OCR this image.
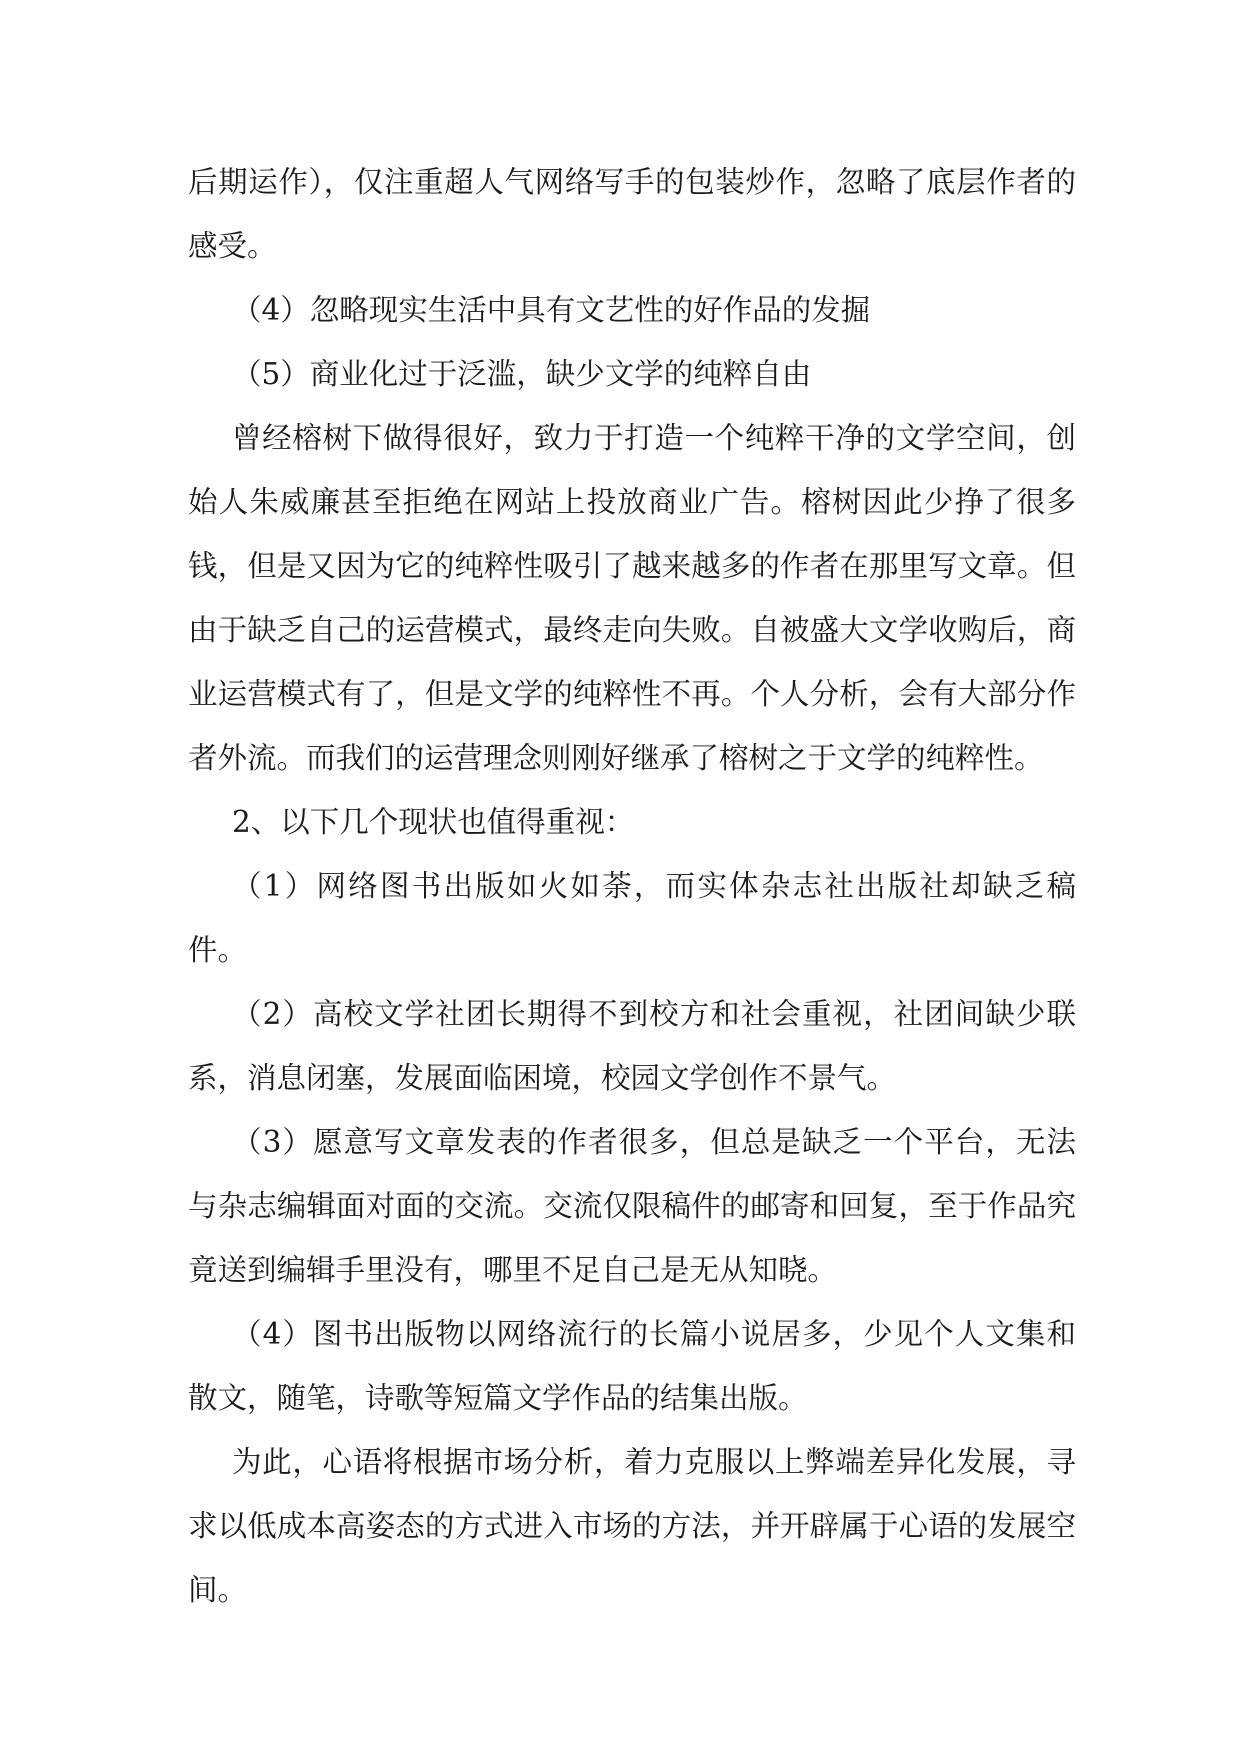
后期运作），仅注重超人气网络写手的包装炒作，忽略了底层作者的感受。

（4）忽略现实生活中具有文艺性的好作品的发掘

（5）商业化过于泛滥，缺少文学的纯粹自由

曾经榕树下做得很好，致力于打造一个纯粹干净的文学空间，创始人朱威廉甚至拒绝在网站上投放商业广告。榕树因此少挣了很多钱，但是又因为它的纯粹性吸引了越来越多的作者在那里写文章。但由于缺乏自己的运营模式，最终走向失败。自被盛大文学收购后，商业运营模式有了，但是文学的纯粹性不再。个人分析，会有大部分作者外流。而我们的运营理念则刚好继承了榕树之于文学的纯粹性。

2、以下几个现状也值得重视：

（1）网络图书出版如火如荼，而实体杂志社出版社却缺乏稿件。

（2）高校文学社团长期得不到校方和社会重视，社团间缺少联系，消息闭塞，发展面临困境，校园文学创作不景气。

（3）愿意写文章发表的作者很多，但总是缺乏一个平台，无法与杂志编辑面对面的交流。交流仅限稿件的邮寄和回复，至于作品究竟送到编辑手里没有，哪里不足自己是无从知晓。

（4）图书出版物以网络流行的长篇小说居多，少见个人文集和散文，随笔，诗歌等短篇文学作品的结集出版。

为此，心语将根据市场分析，着力克服以上弊端差异化发展，寻求以低成本高姿态的方式进入市场的方法，并开辟属于心语的发展空间。
